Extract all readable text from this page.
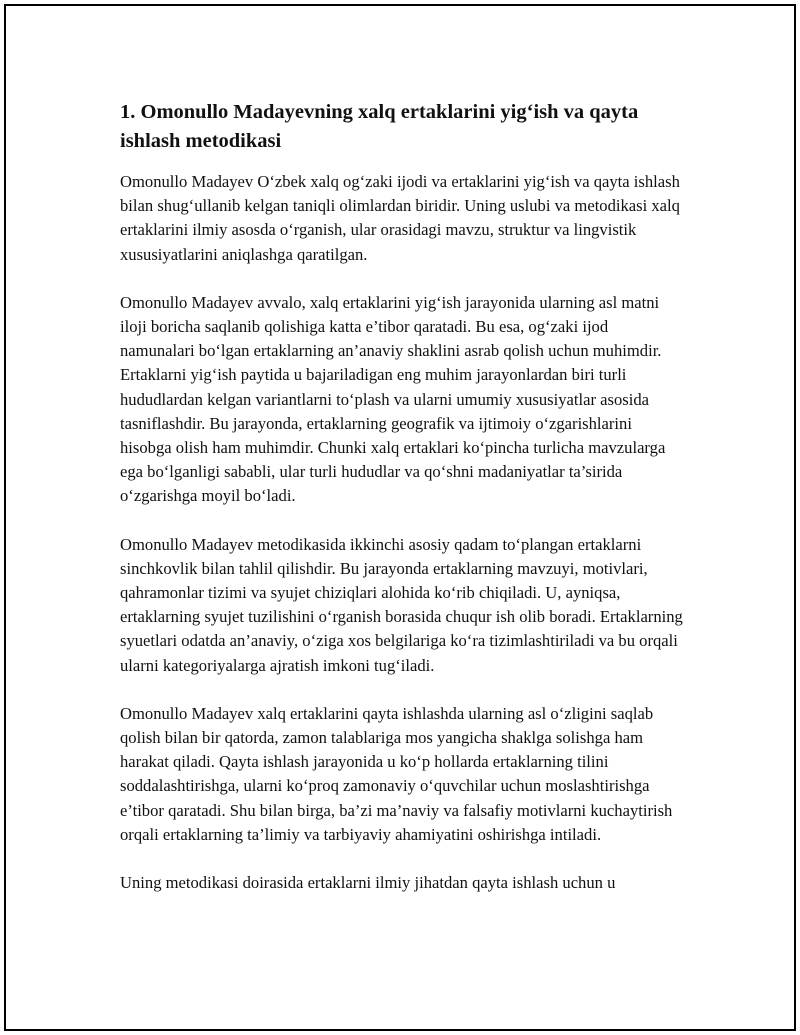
1. Omonullo Madayevning xalq ertaklarini yig‘ish va qayta ishlash metodikasi

Omonullo Madayev O‘zbek xalq og‘zaki ijodi va ertaklarini yig‘ish va qayta ishlash bilan shug‘ullanib kelgan taniqli olimlardan biridir. Uning uslubi va metodikasi xalq ertaklarini ilmiy asosda o‘rganish, ular orasidagi mavzu, struktur va lingvistik xususiyatlarini aniqlashga qaratilgan.

Omonullo Madayev avvalo, xalq ertaklarini yig‘ish jarayonida ularning asl matni iloji boricha saqlanib qolishiga katta e’tibor qaratadi. Bu esa, og‘zaki ijod namunalari bo‘lgan ertaklarning an’anaviy shaklini asrab qolish uchun muhimdir. Ertaklarni yig‘ish paytida u bajariladigan eng muhim jarayonlardan biri turli hududlardan kelgan variantlarni to‘plash va ularni umumiy xususiyatlar asosida tasniflashdir. Bu jarayonda, ertaklarning geografik va ijtimoiy o‘zgarishlarini hisobga olish ham muhimdir. Chunki xalq ertaklari ko‘pincha turlicha mavzularga ega bo‘lganligi sababli, ular turli hududlar va qo‘shni madaniyatlar ta’sirida o‘zgarishga moyil bo‘ladi.

Omonullo Madayev metodikasida ikkinchi asosiy qadam to‘plangan ertaklarni sinchkovlik bilan tahlil qilishdir. Bu jarayonda ertaklarning mavzuyi, motivlari, qahramonlar tizimi va syujet chiziqlari alohida ko‘rib chiqiladi. U, ayniqsa, ertaklarning syujet tuzilishini o‘rganish borasida chuqur ish olib boradi. Ertaklarning syuetlari odatda an’anaviy, o‘ziga xos belgilariga ko‘ra tizimlashtiriladi va bu orqali ularni kategoriyalarga ajratish imkoni tug‘iladi.

Omonullo Madayev xalq ertaklarini qayta ishlashda ularning asl o‘zligini saqlab qolish bilan bir qatorda, zamon talablariga mos yangicha shaklga solishga ham harakat qiladi. Qayta ishlash jarayonida u ko‘p hollarda ertaklarning tilini soddalashtirishga, ularni ko‘proq zamonaviy o‘quvchilar uchun moslashtirishga e’tibor qaratadi. Shu bilan birga, ba’zi ma’naviy va falsafiy motivlarni kuchaytirish orqali ertaklarning ta’limiy va tarbiyaviy ahamiyatini oshirishga intiladi.

Uning metodikasi doirasida ertaklarni ilmiy jihatdan qayta ishlash uchun u
